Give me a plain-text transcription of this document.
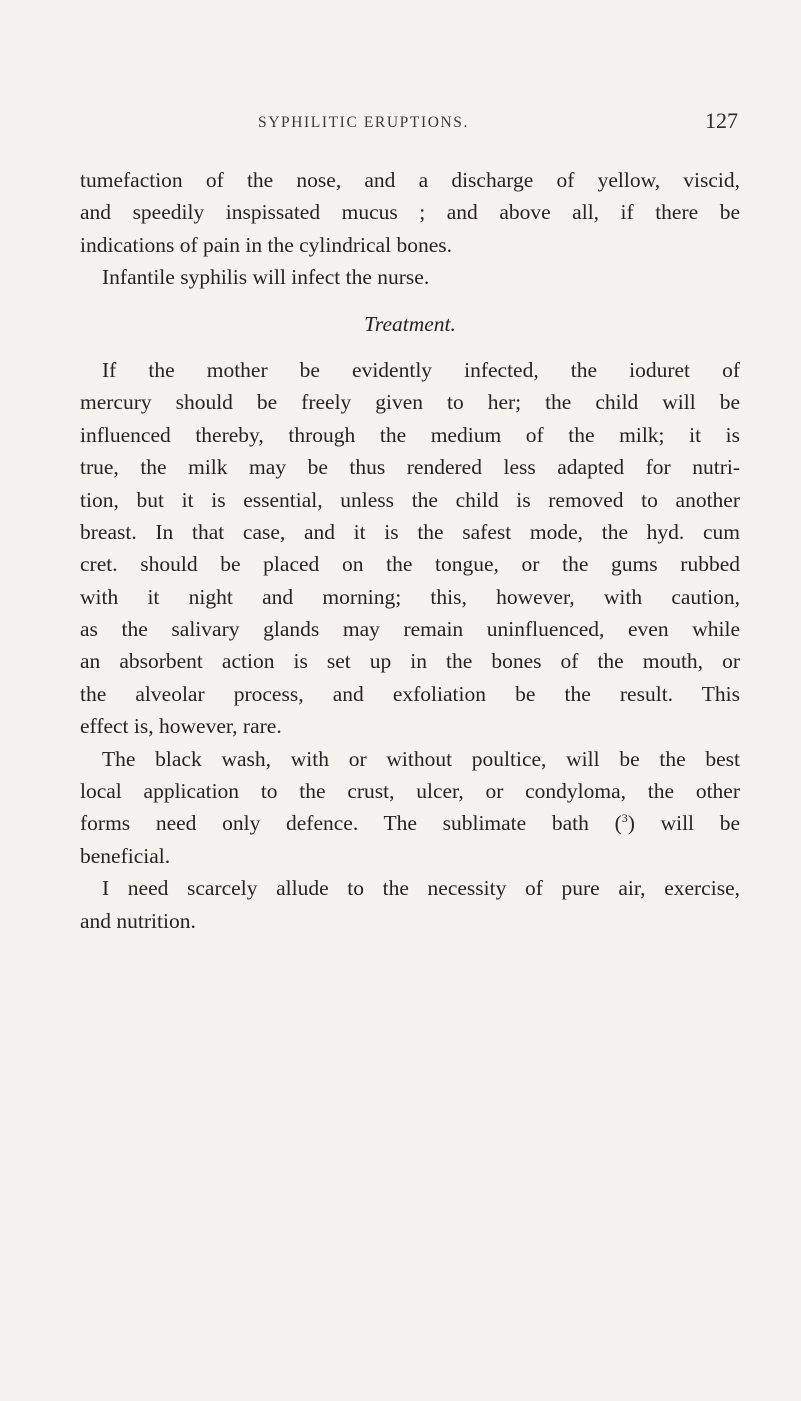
SYPHILITIC ERUPTIONS.	127
tumefaction of the nose, and a discharge of yellow, viscid,
and speedily inspissated mucus ; and above all, if there be
indications of pain in the cylindrical bones.
Infantile syphilis will infect the nurse.
Treatment.
If the mother be evidently infected, the ioduret of
mercury should be freely given to her; the child will be
influenced thereby, through the medium of the milk; it is
true, the milk may be thus rendered less adapted for nutri-
tion, but it is essential, unless the child is removed to another
breast. In that case, and it is the safest mode, the hyd. cum
cret. should be placed on the tongue, or the gums rubbed
with it night and morning; this, however, with caution,
as the salivary glands may remain uninfluenced, even while
an absorbent action is set up in the bones of the mouth, or
the alveolar process, and exfoliation be the result. This
effect is, however, rare.
The black wash, with or without poultice, will be the best
local application to the crust, ulcer, or condyloma, the other
forms need only defence. The sublimate bath ($^3$) will be
beneficial.
I need scarcely allude to the necessity of pure air, exercise,
and nutrition.
